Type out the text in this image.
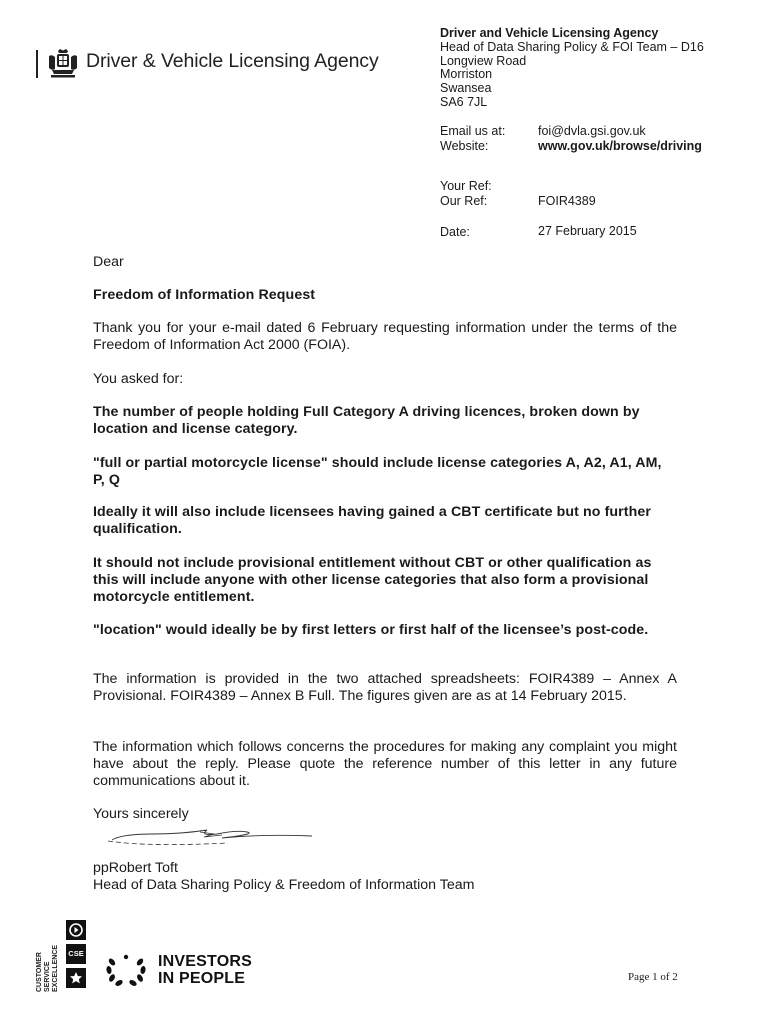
Driver & Vehicle Licensing Agency
Driver and Vehicle Licensing Agency
Head of Data Sharing Policy & FOI Team – D16
Longview Road
Morriston
Swansea
SA6 7JL
Email us at:	foi@dvla.gsi.gov.uk
Website:	www.gov.uk/browse/driving
Your Ref:
Our Ref:	FOIR4389
Date:	27 February 2015
Dear
Freedom of Information Request
Thank you for your e-mail dated 6 February requesting information under the terms of the Freedom of Information Act 2000 (FOIA).
You asked for:
The number of people holding Full Category A driving licences, broken down by location and license category.
"full or partial motorcycle license" should include license categories A, A2, A1, AM, P, Q
Ideally it will also include licensees having gained a CBT certificate but no further qualification.
It should not include provisional entitlement without CBT or other qualification as this will include anyone with other license categories that also form a provisional motorcycle entitlement.
"location" would ideally be by first letters or first half of the licensee’s post-code.
The information is provided in the two attached spreadsheets: FOIR4389 – Annex A Provisional. FOIR4389 – Annex B Full. The figures given are as at 14 February 2015.
The information which follows concerns the procedures for making any complaint you might have about the reply. Please quote the reference number of this letter in any future communications about it.
Yours sincerely
ppRobert Toft
Head of Data Sharing Policy & Freedom of Information Team
CUSTOMER SERVICE EXCELLENCE	CSE	INVESTORS
IN PEOPLE	Page 1 of 2
